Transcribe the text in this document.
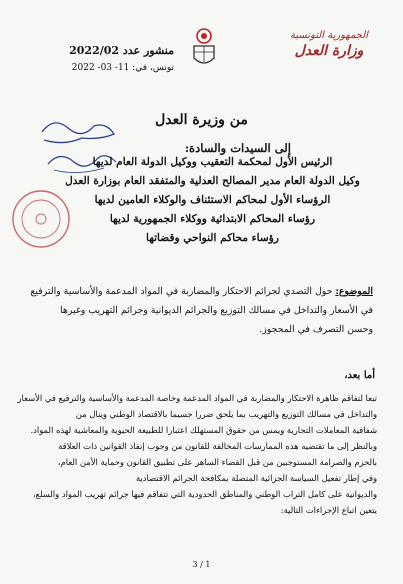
الجمهورية التونسية
وزارة العدل
منشور عدد 2022/02
تونس، في: 11- 03- 2022
من وزيرة العدل
إلى السيدات والسادة:
الرئيس الأول لمحكمة التعقيب ووكيل الدولة العام لديها
وكيل الدولة العام مدير المصالح العدلية والمتفقد العام بوزارة العدل
الرؤساء الأول لمحاكم الاستئناف والوكلاء العامين لديها
رؤساء المحاكم الابتدائية ووكلاء الجمهورية لديها
رؤساء محاكم النواحي وقضاتها

الموضوع: حول التصدي لجرائم الاحتكار والمضاربة في المواد المدعمة والأساسية والترفيع

في الأسعار والتداخل في مسالك التوزيع والجرائم الديوانية وجرائم التهريب وغيرها

وحسن التصرف في المحجوز.

أما بعد،

تبعا لتفاقم ظاهرة الاحتكار والمضاربة في المواد المدعمة وخاصة المدعمة والأساسية والترفيع في الأسعار

والتداخل في مسالك التوزيع والتهريب بما يلحق ضررا جسيما بالاقتصاد الوطني وينال من

شفافية المعاملات التجارية ويمس من حقوق المستهلك اعتبارا للطبيعة الحيوية والمعاشية لهذه المواد.

وبالنظر إلى ما تقتضيه هذه الممارسات المخالفة للقانون من وجوب إنفاذ القوانين ذات العلاقة

بالحزم والصرامة المستوجبين من قبل القضاء الساهر على تطبيق القانون وحماية الأمن العام،

وفي إطار تفعيل السياسة الجزائية المتصلة بمكافحة الجرائم الاقتصادية

والديوانية على كامل التراب الوطني والمناطق الحدودية التي تتفاقم فيها جرائم تهريب المواد والسلع،

يتعين اتباع الإجراءات التالية:

3 / 1
